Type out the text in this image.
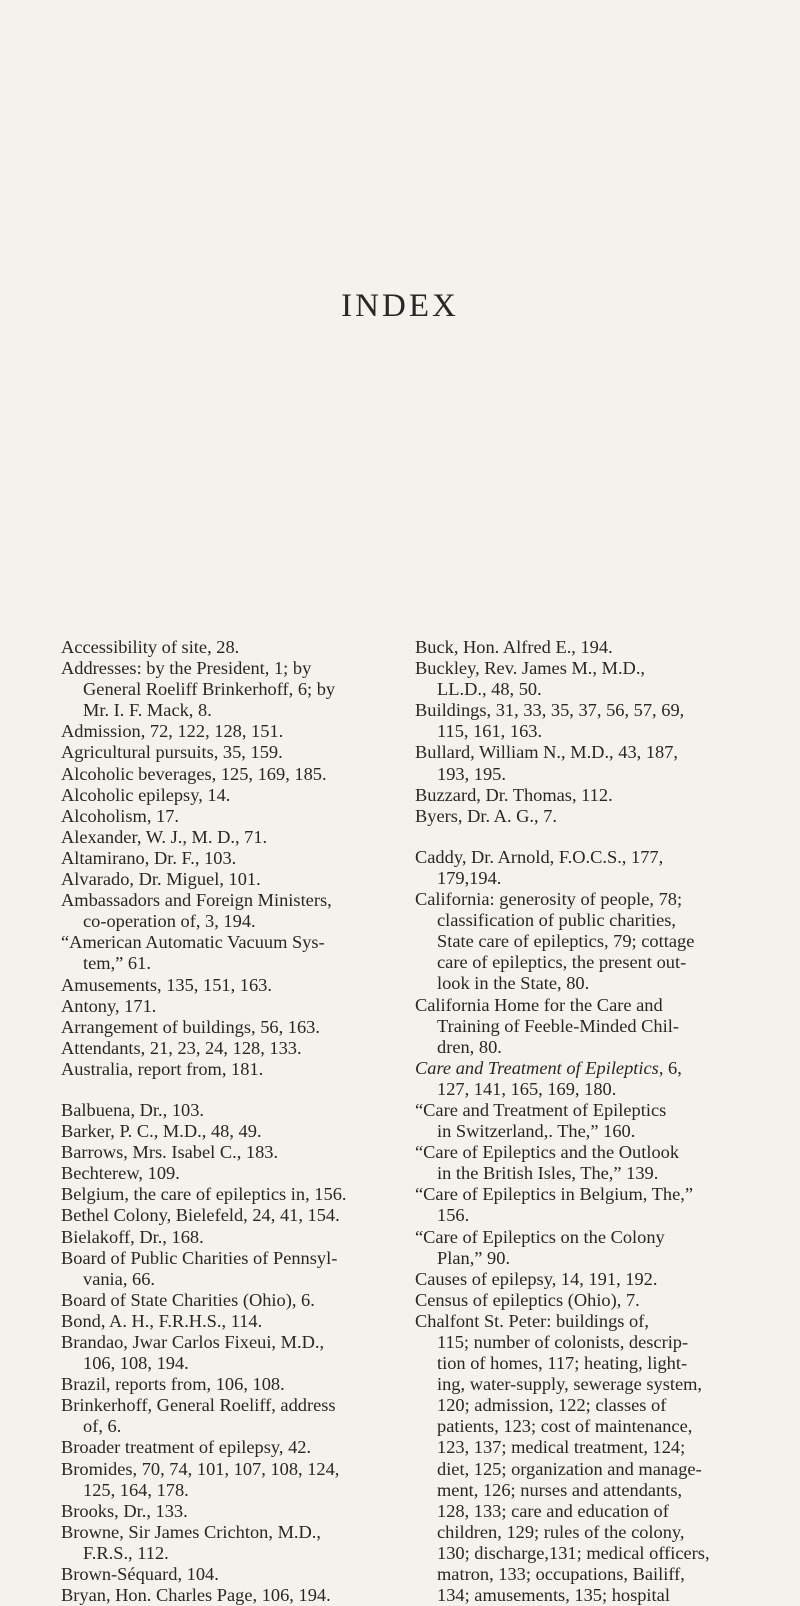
INDEX
Accessibility of site, 28.
Addresses: by the President, 1; by
General Roeliff Brinkerhoff, 6; by
Mr. I. F. Mack, 8.
Admission, 72, 122, 128, 151.
Agricultural pursuits, 35, 159.
Alcoholic beverages, 125, 169, 185.
Alcoholic epilepsy, 14.
Alcoholism, 17.
Alexander, W. J., M. D., 71.
Altamirano, Dr. F., 103.
Alvarado, Dr. Miguel, 101.
Ambassadors and Foreign Ministers,
co-operation of, 3, 194.
“American Automatic Vacuum Sys-
tem,” 61.
Amusements, 135, 151, 163.
Antony, 171.
Arrangement of buildings, 56, 163.
Attendants, 21, 23, 24, 128, 133.
Australia, report from, 181.
Balbuena, Dr., 103.
Barker, P. C., M.D., 48, 49.
Barrows, Mrs. Isabel C., 183.
Bechterew, 109.
Belgium, the care of epileptics in, 156.
Bethel Colony, Bielefeld, 24, 41, 154.
Bielakoff, Dr., 168.
Board of Public Charities of Pennsyl-
vania, 66.
Board of State Charities (Ohio), 6.
Bond, A. H., F.R.H.S., 114.
Brandao, Jwar Carlos Fixeui, M.D.,
106, 108, 194.
Brazil, reports from, 106, 108.
Brinkerhoff, General Roeliff, address
of, 6.
Broader treatment of epilepsy, 42.
Bromides, 70, 74, 101, 107, 108, 124,
125, 164, 178.
Brooks, Dr., 133.
Browne, Sir James Crichton, M.D.,
F.R.S., 112.
Brown-Séquard, 104.
Bryan, Hon. Charles Page, 106, 194.
Buck, Hon. Alfred E., 194.
Buckley, Rev. James M., M.D.,
LL.D., 48, 50.
Buildings, 31, 33, 35, 37, 56, 57, 69,
115, 161, 163.
Bullard, William N., M.D., 43, 187,
193, 195.
Buzzard, Dr. Thomas, 112.
Byers, Dr. A. G., 7.
Caddy, Dr. Arnold, F.O.C.S., 177,
179,194.
California: generosity of people, 78;
classification of public charities,
State care of epileptics, 79; cottage
care of epileptics, the present out-
look in the State, 80.
California Home for the Care and
Training of Feeble-Minded Chil-
dren, 80.
Care and Treatment of Epileptics, 6,
127, 141, 165, 169, 180.
“Care and Treatment of Epileptics
in Switzerland,. The,” 160.
“Care of Epileptics and the Outlook
in the British Isles, The,” 139.
“Care of Epileptics in Belgium, The,”
156.
“Care of Epileptics on the Colony
Plan,” 90.
Causes of epilepsy, 14, 191, 192.
Census of epileptics (Ohio), 7.
Chalfont St. Peter: buildings of,
115; number of colonists, descrip-
tion of homes, 117; heating, light-
ing, water-supply, sewerage system,
120; admission, 122; classes of
patients, 123; cost of maintenance,
123, 137; medical treatment, 124;
diet, 125; organization and manage-
ment, 126; nurses and attendants,
128, 133; care and education of
children, 129; rules of the colony,
130; discharge,131; medical officers,
matron, 133; occupations, Bailiff,
134; amusements, 135; hospital
